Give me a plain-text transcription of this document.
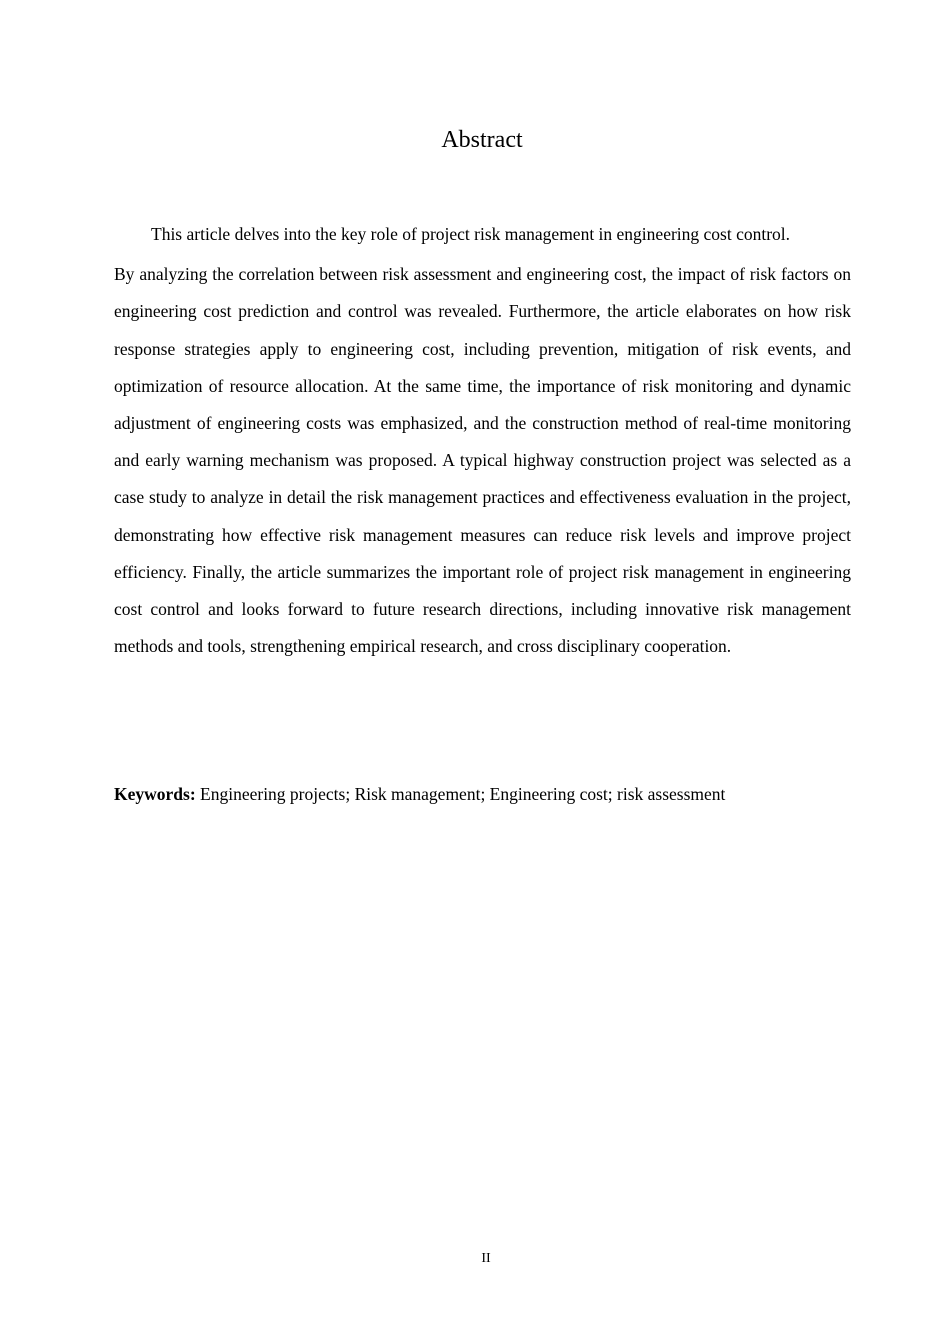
Abstract

This article delves into the key role of project risk management in engineering cost control.
By analyzing the correlation between risk assessment and engineering cost, the impact of risk factors on engineering cost prediction and control was revealed. Furthermore, the article elaborates on how risk response strategies apply to engineering cost, including prevention, mitigation of risk events, and optimization of resource allocation. At the same time, the importance of risk monitoring and dynamic adjustment of engineering costs was emphasized, and the construction method of real-time monitoring and early warning mechanism was proposed. A typical highway construction project was selected as a case study to analyze in detail the risk management practices and effectiveness evaluation in the project, demonstrating how effective risk management measures can reduce risk levels and improve project efficiency. Finally, the article summarizes the important role of project risk management in engineering cost control and looks forward to future research directions, including innovative risk management methods and tools, strengthening empirical research, and cross disciplinary cooperation.

Keywords: Engineering projects; Risk management; Engineering cost; risk assessment

II
